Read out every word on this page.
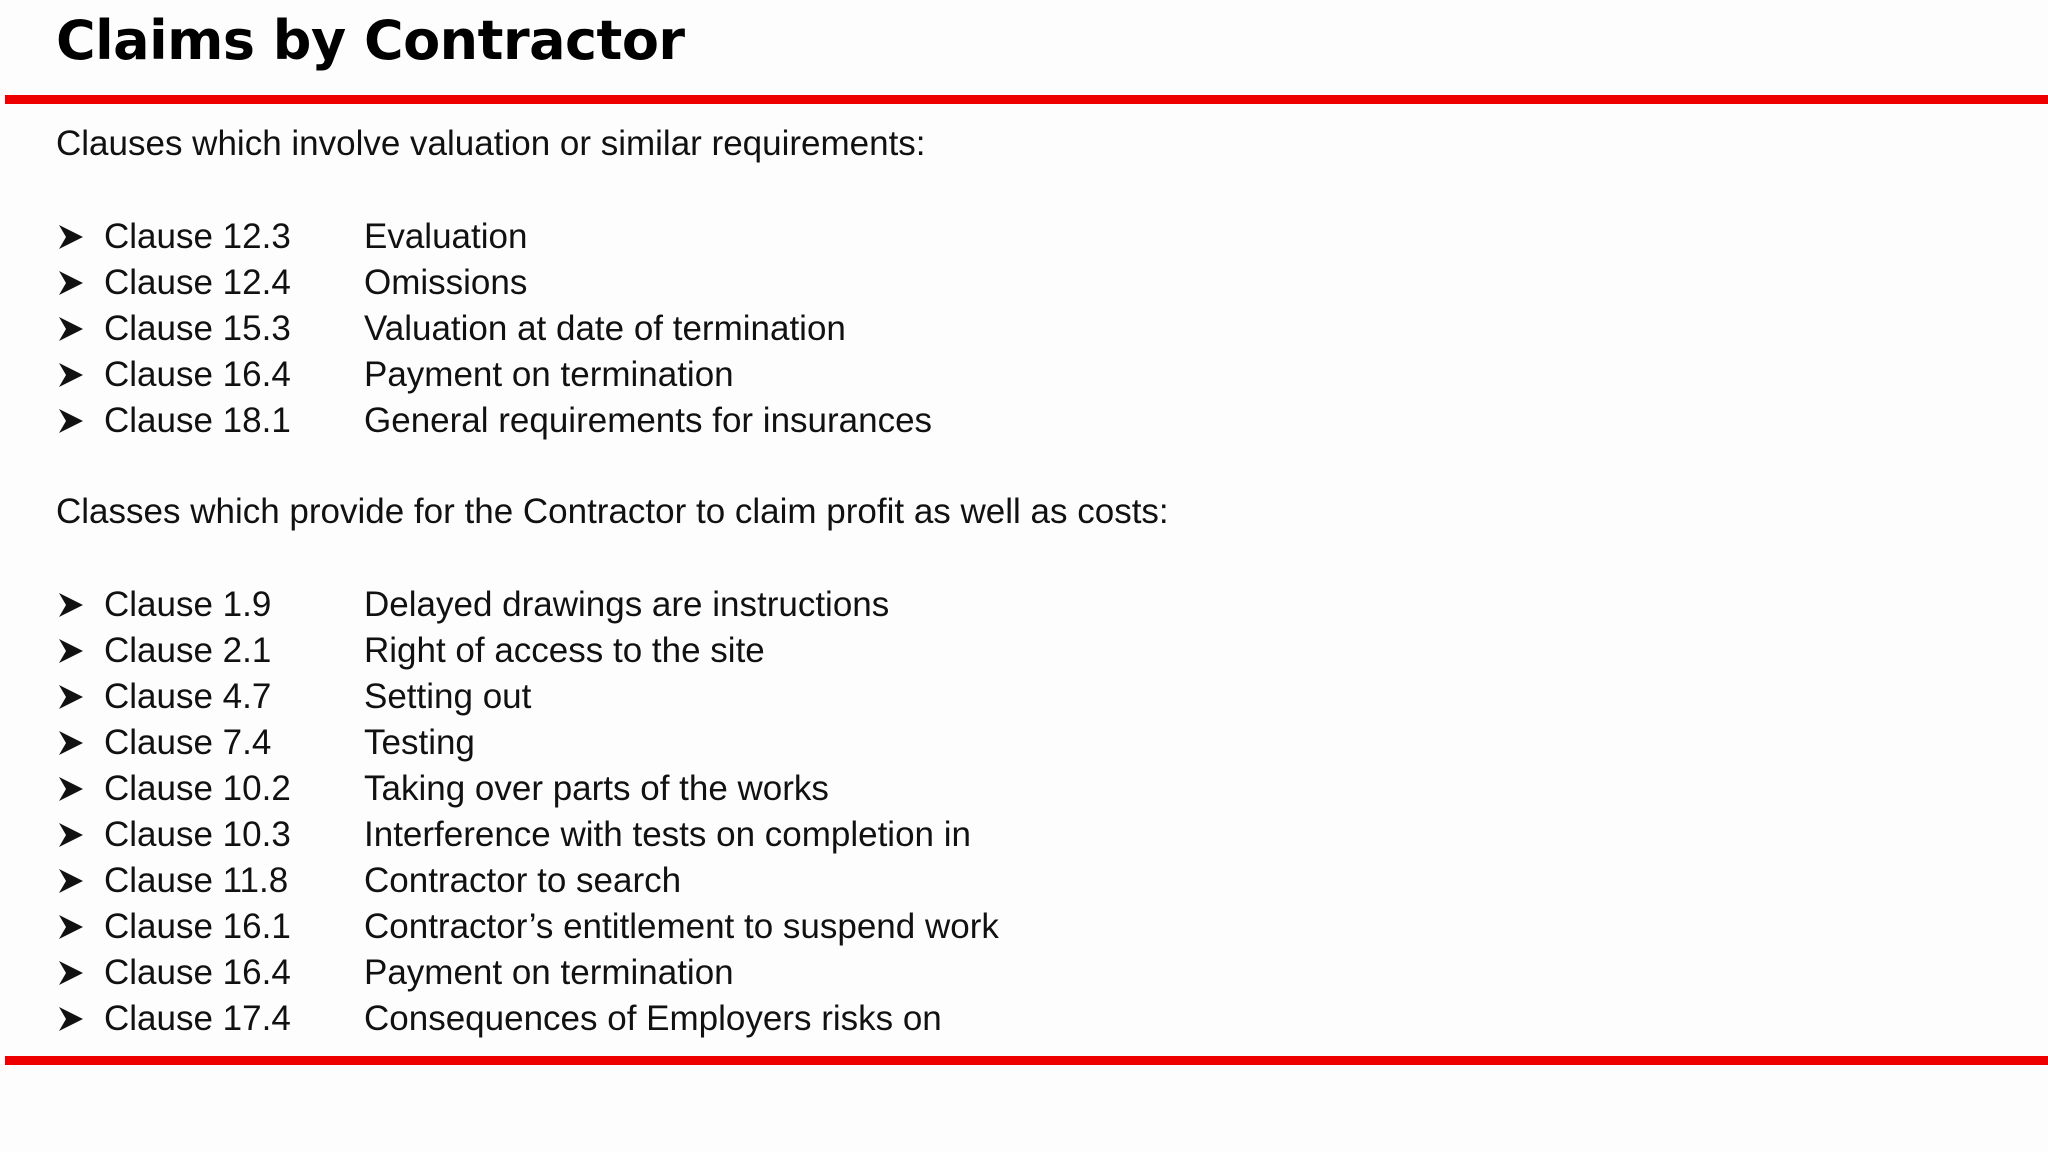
Claims by Contractor

Clauses which involve valuation or similar requirements:

Clause 12.3	Evaluation
Clause 12.4	Omissions
Clause 15.3	Valuation at date of termination
Clause 16.4	Payment on termination
Clause 18.1	General requirements for insurances

Classes which provide for the Contractor to claim profit as well as costs:

Clause 1.9	Delayed drawings are instructions
Clause 2.1	Right of access to the site
Clause 4.7	Setting out
Clause 7.4	Testing
Clause 10.2	Taking over parts of the works
Clause 10.3	Interference with tests on completion in
Clause 11.8	Contractor to search
Clause 16.1	Contractor’s entitlement to suspend work
Clause 16.4	Payment on termination
Clause 17.4	Consequences of Employers risks on
